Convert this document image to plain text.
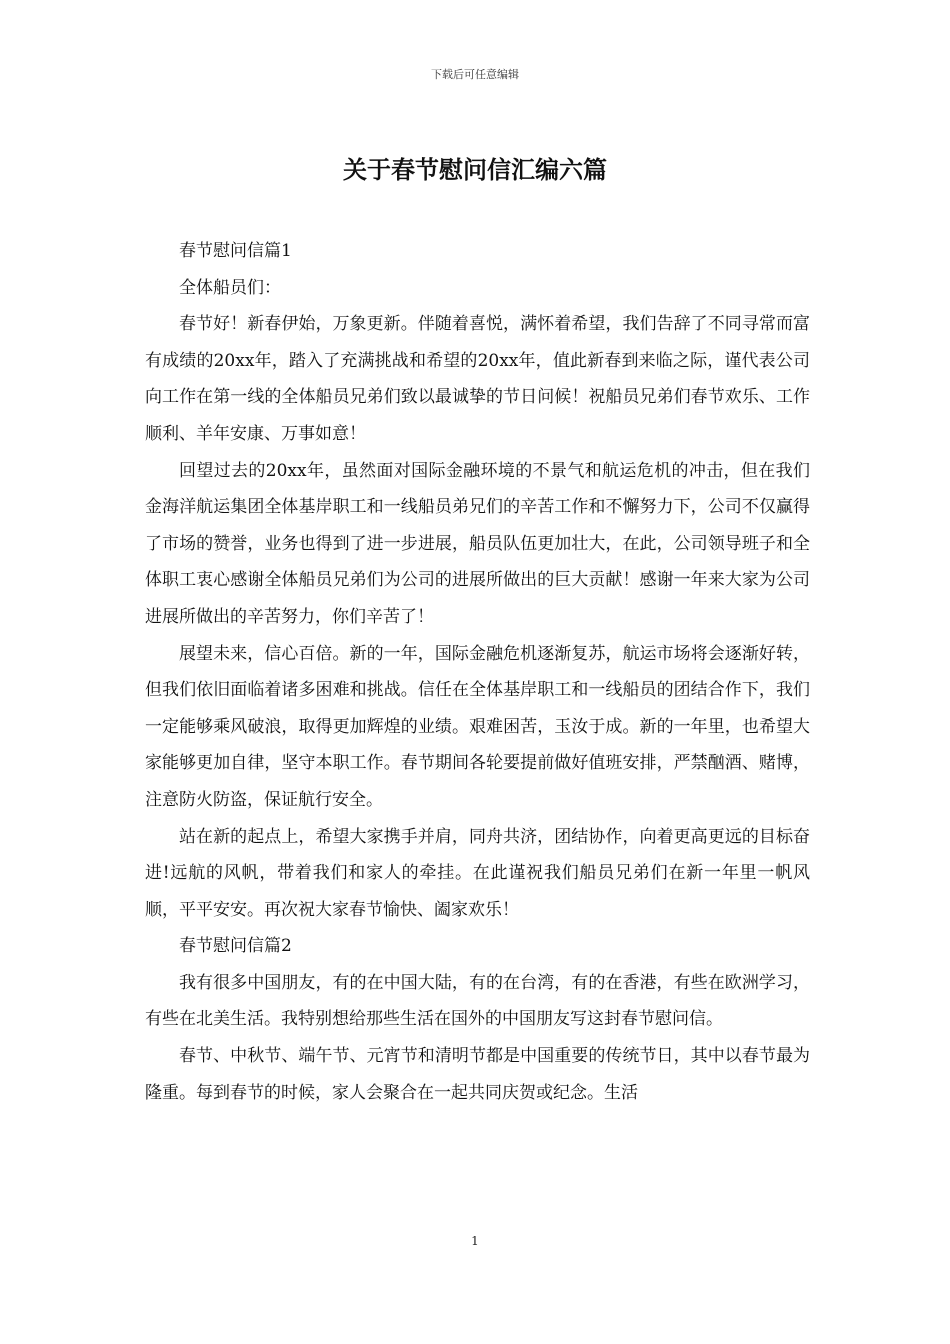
下载后可任意编辑
关于春节慰问信汇编六篇

春节慰问信篇1

全体船员们：

春节好！新春伊始，万象更新。伴随着喜悦，满怀着希望，我们告辞了不同寻常而富有成绩的20xx年，踏入了充满挑战和希望的20xx年，值此新春到来临之际，谨代表公司向工作在第一线的全体船员兄弟们致以最诚挚的节日问候！祝船员兄弟们春节欢乐、工作顺利、羊年安康、万事如意！

回望过去的20xx年，虽然面对国际金融环境的不景气和航运危机的冲击，但在我们金海洋航运集团全体基岸职工和一线船员弟兄们的辛苦工作和不懈努力下，公司不仅赢得了市场的赞誉，业务也得到了进一步进展，船员队伍更加壮大，在此，公司领导班子和全体职工衷心感谢全体船员兄弟们为公司的进展所做出的巨大贡献！感谢一年来大家为公司进展所做出的辛苦努力，你们辛苦了！

展望未来，信心百倍。新的一年，国际金融危机逐渐复苏，航运市场将会逐渐好转，但我们依旧面临着诸多困难和挑战。信任在全体基岸职工和一线船员的团结合作下，我们一定能够乘风破浪，取得更加辉煌的业绩。艰难困苦，玉汝于成。新的一年里，也希望大家能够更加自律，坚守本职工作。春节期间各轮要提前做好值班安排，严禁酗酒、赌博，注意防火防盗，保证航行安全。

站在新的起点上，希望大家携手并肩，同舟共济，团结协作，向着更高更远的目标奋进!远航的风帆，带着我们和家人的牵挂。在此谨祝我们船员兄弟们在新一年里一帆风顺，平平安安。再次祝大家春节愉快、阖家欢乐！

春节慰问信篇2

我有很多中国朋友，有的在中国大陆，有的在台湾，有的在香港，有些在欧洲学习，有些在北美生活。我特别想给那些生活在国外的中国朋友写这封春节慰问信。

春节、中秋节、端午节、元宵节和清明节都是中国重要的传统节日，其中以春节最为隆重。每到春节的时候，家人会聚合在一起共同庆贺或纪念。生活

1
